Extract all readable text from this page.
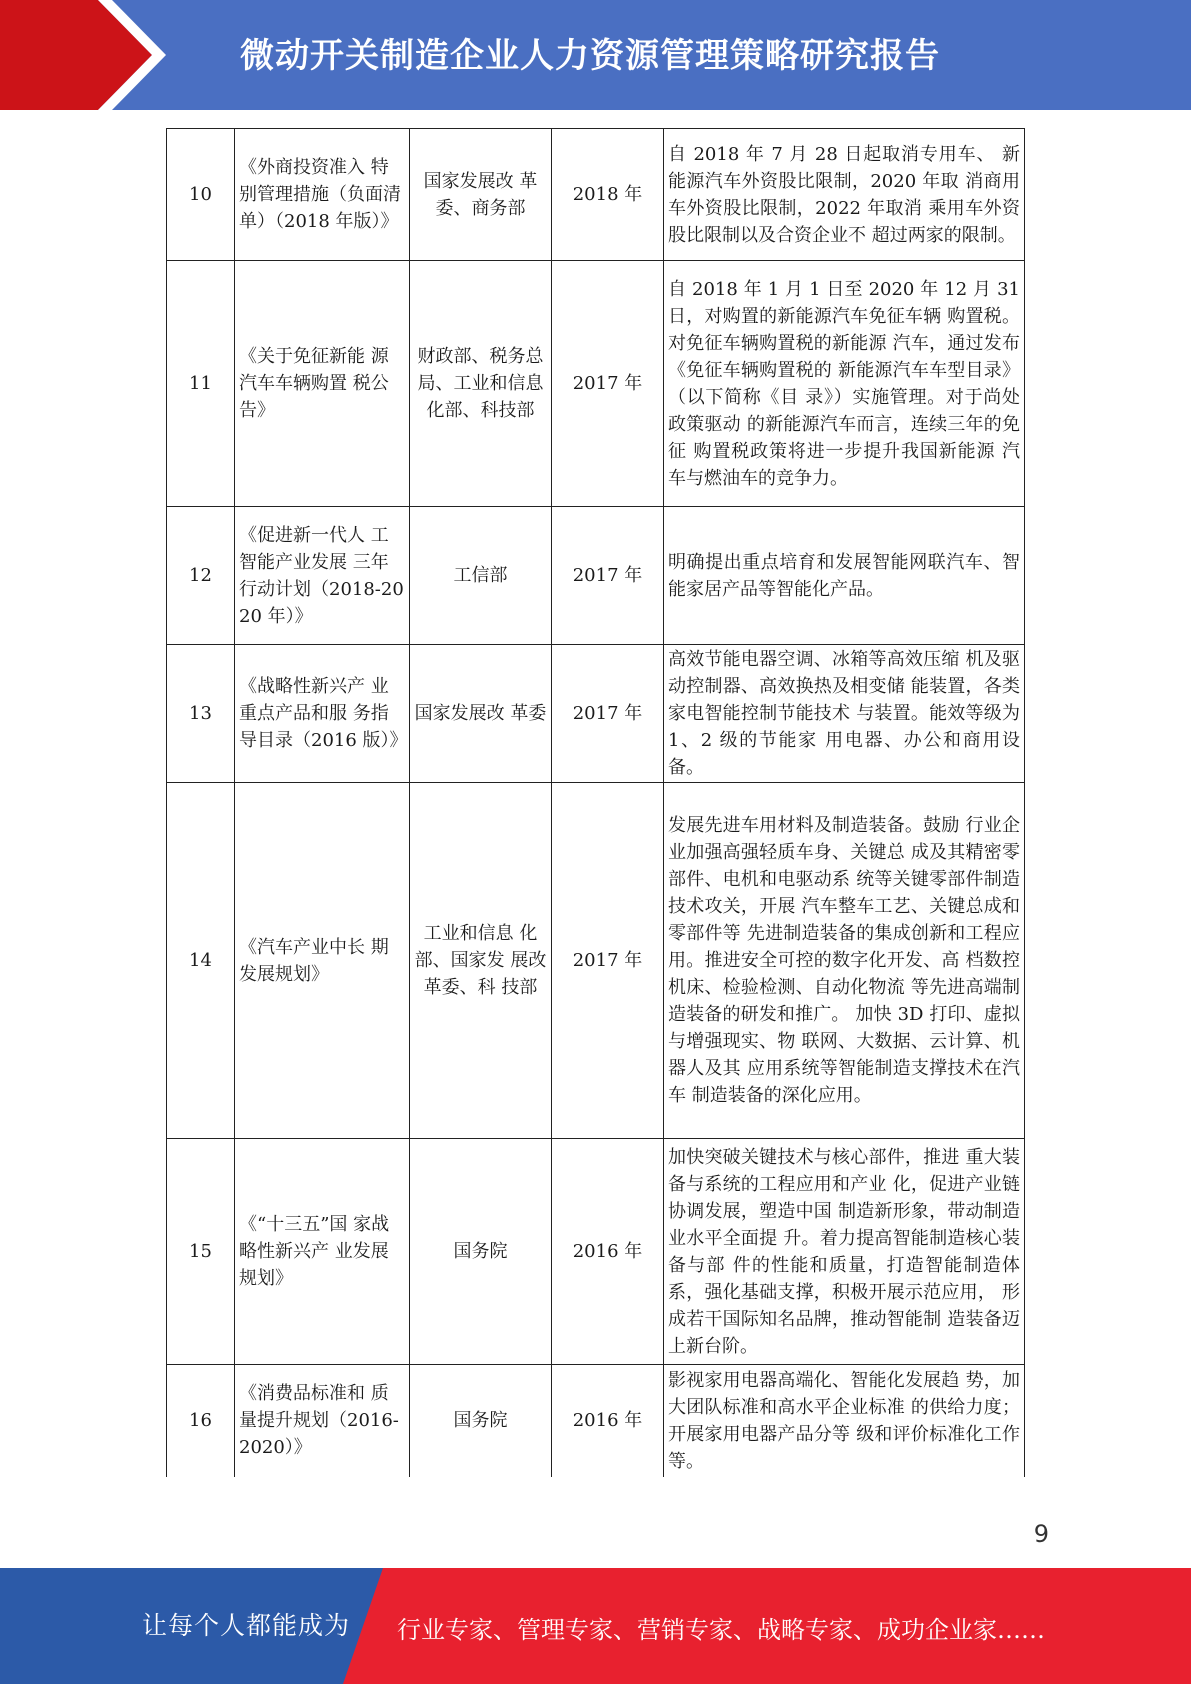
微动开关制造企业人力资源管理策略研究报告
10	《外商投资准入 特别管理措施（负面清单）（2018 年版）》	国家发展改 革委、商务部	2018 年	自 2018 年 7 月 28 日起取消专用车、 新能源汽车外资股比限制，2020 年取 消商用车外资股比限制，2022 年取消 乘用车外资股比限制以及合资企业不 超过两家的限制。
11	《关于免征新能 源汽车车辆购置 税公告》	财政部、税务总局、工业和信息化部、科技部	2017 年	自 2018 年 1 月 1 日至 2020 年 12 月 31 日，对购置的新能源汽车免征车辆 购置税。对免征车辆购置税的新能源 汽车，通过发布《免征车辆购置税的 新能源汽车车型目录》（以下简称《目 录》）实施管理。对于尚处政策驱动 的新能源汽车而言，连续三年的免征 购置税政策将进一步提升我国新能源 汽车与燃油车的竞争力。
12	《促进新一代人 工智能产业发展 三年行动计划（2018-2020 年）》	工信部	2017 年	明确提出重点培育和发展智能网联汽车、智能家居产品等智能化产品。
13	《战略性新兴产 业重点产品和服 务指导目录（2016 版）》	国家发展改 革委	2017 年	高效节能电器空调、冰箱等高效压缩 机及驱动控制器、高效换热及相变储 能装置，各类家电智能控制节能技术 与装置。能效等级为 1、2 级的节能家 用电器、办公和商用设备。
14	《汽车产业中长 期发展规划》	工业和信息 化部、国家发 展改革委、科 技部	2017 年	发展先进车用材料及制造装备。鼓励 行业企业加强高强轻质车身、关键总 成及其精密零部件、电机和电驱动系 统等关键零部件制造技术攻关，开展 汽车整车工艺、关键总成和零部件等 先进制造装备的集成创新和工程应 用。推进安全可控的数字化开发、高 档数控机床、检验检测、自动化物流 等先进高端制造装备的研发和推广。 加快 3D 打印、虚拟与增强现实、物 联网、大数据、云计算、机器人及其 应用系统等智能制造支撑技术在汽车 制造装备的深化应用。
15	《“十三五”国 家战略性新兴产 业发展规划》	国务院	2016 年	加快突破关键技术与核心部件，推进 重大装备与系统的工程应用和产业 化，促进产业链协调发展，塑造中国 制造新形象，带动制造业水平全面提 升。着力提高智能制造核心装备与部 件的性能和质量，打造智能制造体系，强化基础支撑，积极开展示范应用， 形成若干国际知名品牌，推动智能制 造装备迈上新台阶。
16	《消费品标准和 质量提升规划（2016-2020）》	国务院	2016 年	影视家用电器高端化、智能化发展趋 势，加大团队标准和高水平企业标准 的供给力度；开展家用电器产品分等 级和评价标准化工作等。
9
让每个人都能成为 行业专家、管理专家、营销专家、战略专家、成功企业家……
